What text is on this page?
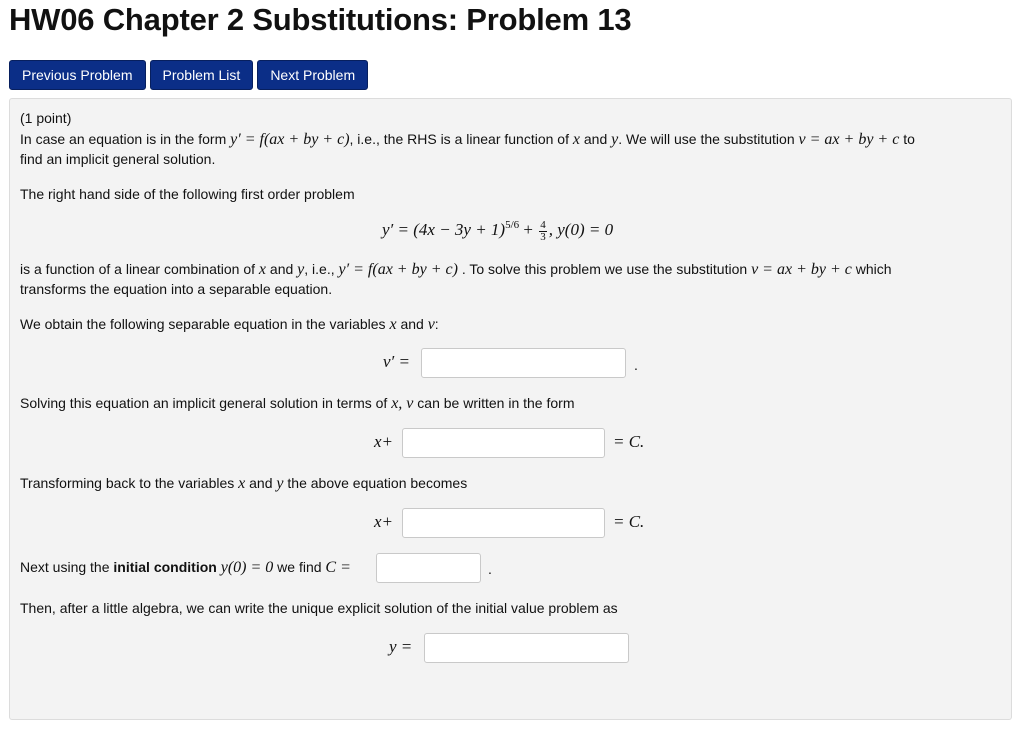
HW06 Chapter 2 Substitutions: Problem 13
Previous Problem	Problem List	Next Problem
(1 point)
In case an equation is in the form y′ = f(ax + by + c), i.e., the RHS is a linear function of x and y. We will use the substitution v = ax + by + c to
find an implicit general solution.
The right hand side of the following first order problem
$y' = (4x - 3y + 1)^{5/6} + \frac{4}{3}$ , y(0) = 0
is a function of a linear combination of x and y, i.e., y′ = f(ax + by + c) . To solve this problem we use the substitution v = ax + by + c which
transforms the equation into a separable equation.
We obtain the following separable equation in the variables x and v:
v′ =	.
Solving this equation an implicit general solution in terms of x, v can be written in the form
x+	= C.
Transforming back to the variables x and y the above equation becomes
x+	= C.
Next using the initial condition y(0) = 0 we find C =	.
Then, after a little algebra, we can write the unique explicit solution of the initial value problem as
y =
